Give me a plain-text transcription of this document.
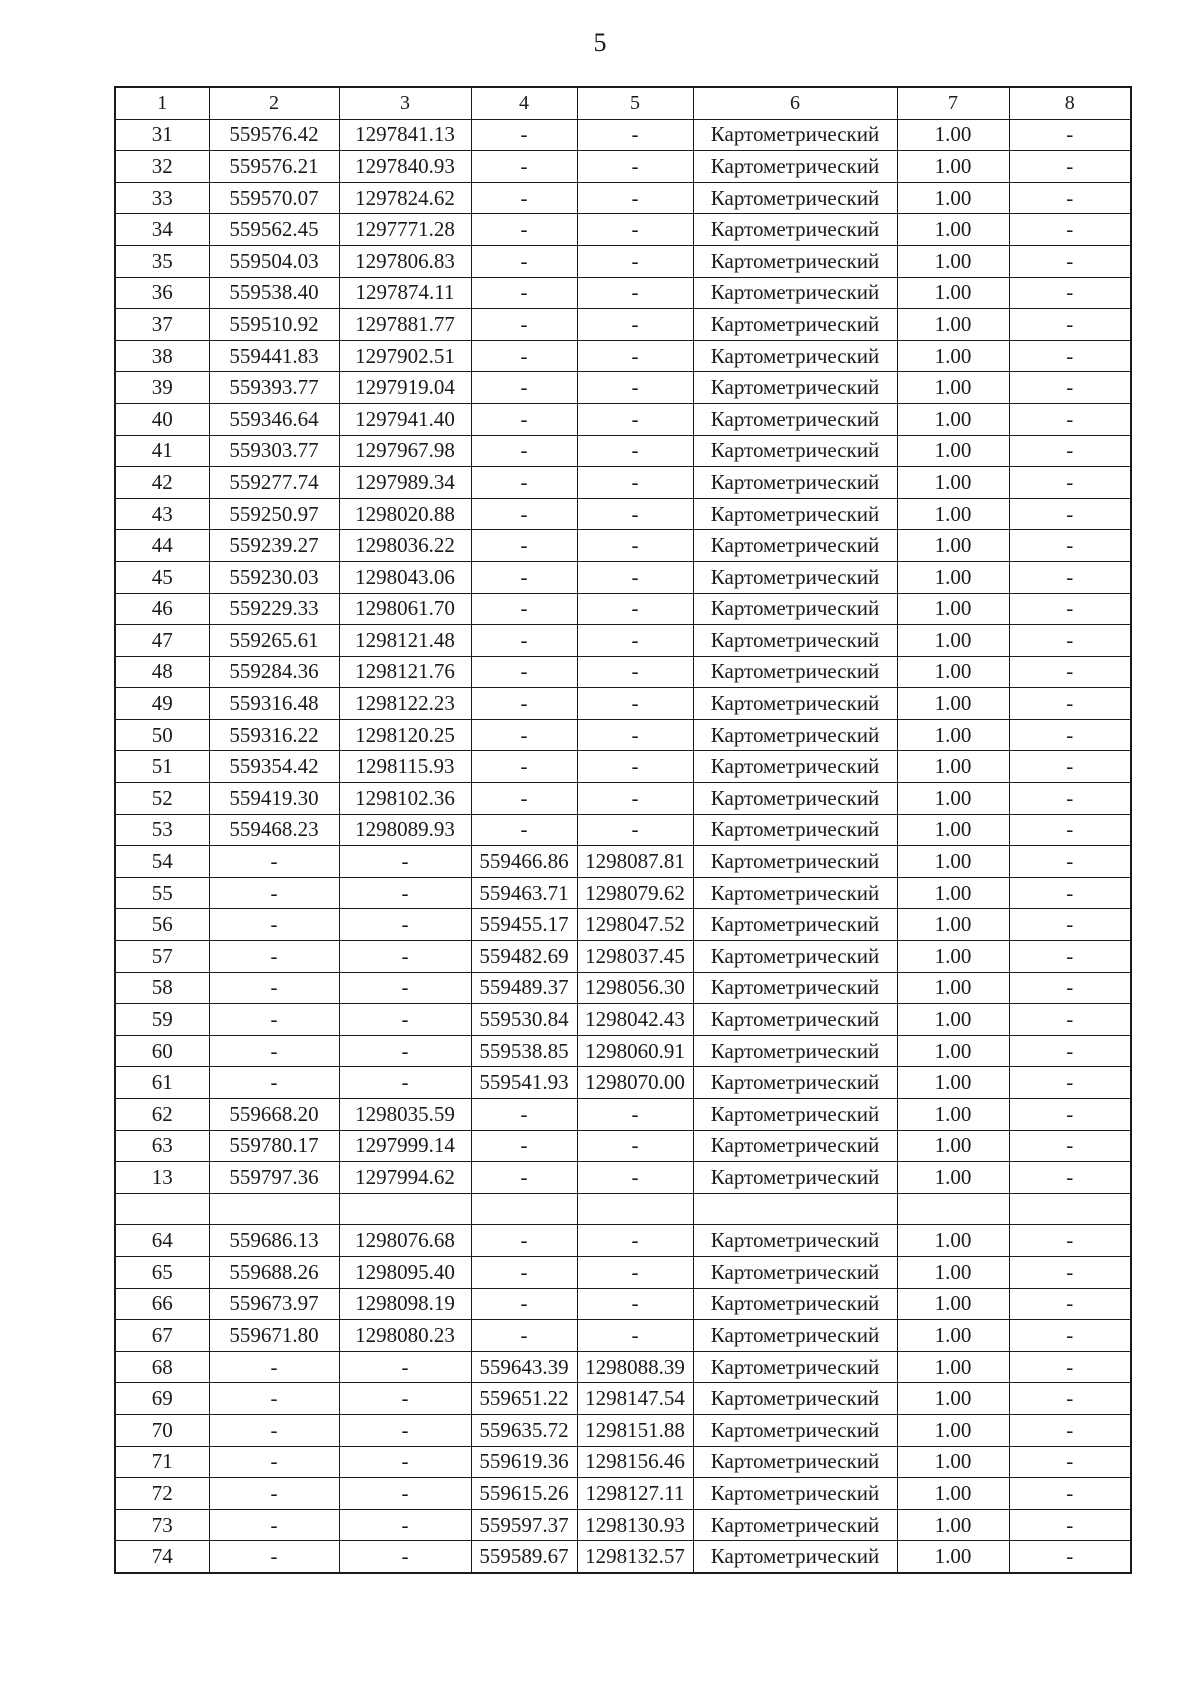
5
1	2	3	4	5	6	7	8
31	559576.42	1297841.13	-	-	Картометрический	1.00	-
32	559576.21	1297840.93	-	-	Картометрический	1.00	-
33	559570.07	1297824.62	-	-	Картометрический	1.00	-
34	559562.45	1297771.28	-	-	Картометрический	1.00	-
35	559504.03	1297806.83	-	-	Картометрический	1.00	-
36	559538.40	1297874.11	-	-	Картометрический	1.00	-
37	559510.92	1297881.77	-	-	Картометрический	1.00	-
38	559441.83	1297902.51	-	-	Картометрический	1.00	-
39	559393.77	1297919.04	-	-	Картометрический	1.00	-
40	559346.64	1297941.40	-	-	Картометрический	1.00	-
41	559303.77	1297967.98	-	-	Картометрический	1.00	-
42	559277.74	1297989.34	-	-	Картометрический	1.00	-
43	559250.97	1298020.88	-	-	Картометрический	1.00	-
44	559239.27	1298036.22	-	-	Картометрический	1.00	-
45	559230.03	1298043.06	-	-	Картометрический	1.00	-
46	559229.33	1298061.70	-	-	Картометрический	1.00	-
47	559265.61	1298121.48	-	-	Картометрический	1.00	-
48	559284.36	1298121.76	-	-	Картометрический	1.00	-
49	559316.48	1298122.23	-	-	Картометрический	1.00	-
50	559316.22	1298120.25	-	-	Картометрический	1.00	-
51	559354.42	1298115.93	-	-	Картометрический	1.00	-
52	559419.30	1298102.36	-	-	Картометрический	1.00	-
53	559468.23	1298089.93	-	-	Картометрический	1.00	-
54	-	-	559466.86	1298087.81	Картометрический	1.00	-
55	-	-	559463.71	1298079.62	Картометрический	1.00	-
56	-	-	559455.17	1298047.52	Картометрический	1.00	-
57	-	-	559482.69	1298037.45	Картометрический	1.00	-
58	-	-	559489.37	1298056.30	Картометрический	1.00	-
59	-	-	559530.84	1298042.43	Картометрический	1.00	-
60	-	-	559538.85	1298060.91	Картометрический	1.00	-
61	-	-	559541.93	1298070.00	Картометрический	1.00	-
62	559668.20	1298035.59	-	-	Картометрический	1.00	-
63	559780.17	1297999.14	-	-	Картометрический	1.00	-
13	559797.36	1297994.62	-	-	Картометрический	1.00	-

64	559686.13	1298076.68	-	-	Картометрический	1.00	-
65	559688.26	1298095.40	-	-	Картометрический	1.00	-
66	559673.97	1298098.19	-	-	Картометрический	1.00	-
67	559671.80	1298080.23	-	-	Картометрический	1.00	-
68	-	-	559643.39	1298088.39	Картометрический	1.00	-
69	-	-	559651.22	1298147.54	Картометрический	1.00	-
70	-	-	559635.72	1298151.88	Картометрический	1.00	-
71	-	-	559619.36	1298156.46	Картометрический	1.00	-
72	-	-	559615.26	1298127.11	Картометрический	1.00	-
73	-	-	559597.37	1298130.93	Картометрический	1.00	-
74	-	-	559589.67	1298132.57	Картометрический	1.00	-
